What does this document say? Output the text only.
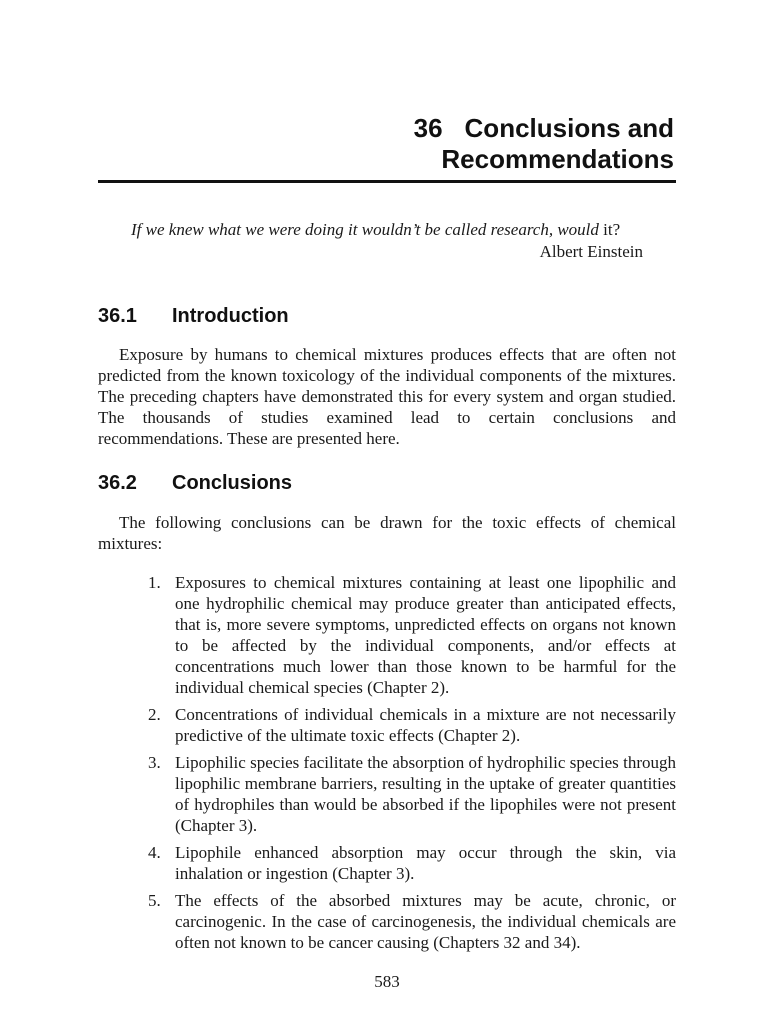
36 Conclusions and
Recommendations
If we knew what we were doing it wouldn’t be called research, would it?
Albert Einstein
36.1 Introduction
Exposure by humans to chemical mixtures produces effects that are often not predicted from the known toxicology of the individual components of the mixtures. The preceding chapters have demonstrated this for every system and organ studied. The thousands of studies examined lead to certain conclusions and recommendations. These are presented here.
36.2 Conclusions
The following conclusions can be drawn for the toxic effects of chemical mixtures:
1. Exposures to chemical mixtures containing at least one lipophilic and one hydrophilic chemical may produce greater than anticipated effects, that is, more severe symptoms, unpredicted effects on organs not known to be affected by the individual components, and/or effects at concentrations much lower than those known to be harmful for the individual chemical species (Chapter 2).
2. Concentrations of individual chemicals in a mixture are not necessarily predictive of the ultimate toxic effects (Chapter 2).
3. Lipophilic species facilitate the absorption of hydrophilic species through lipophilic membrane barriers, resulting in the uptake of greater quantities of hydrophiles than would be absorbed if the lipophiles were not present (Chapter 3).
4. Lipophile enhanced absorption may occur through the skin, via inhalation or ingestion (Chapter 3).
5. The effects of the absorbed mixtures may be acute, chronic, or carcinogenic. In the case of carcinogenesis, the individual chemicals are often not known to be cancer causing (Chapters 32 and 34).
583
